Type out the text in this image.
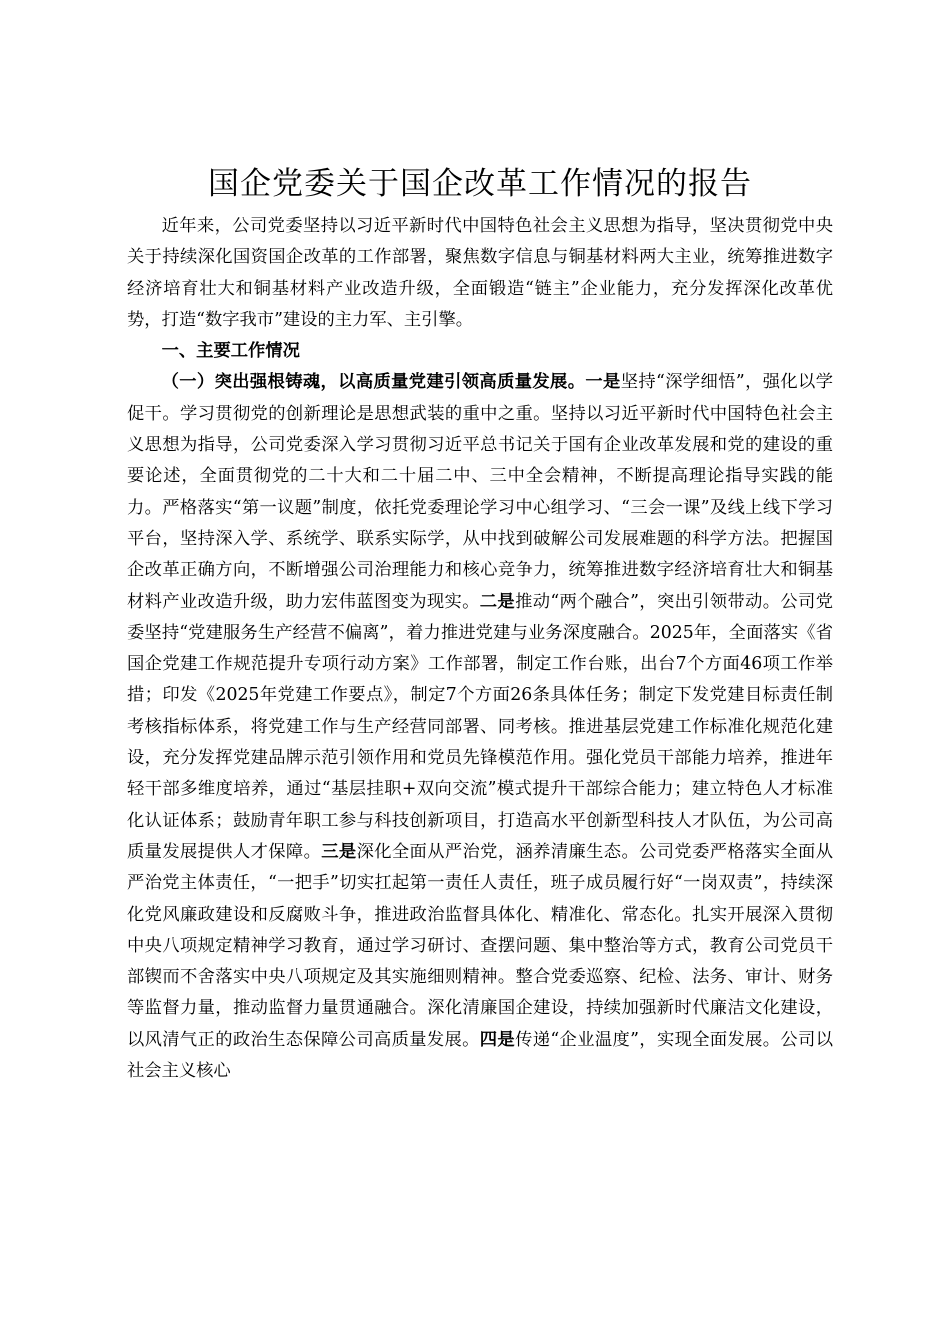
国企党委关于国企改革工作情况的报告

近年来，公司党委坚持以习近平新时代中国特色社会主义思想为指导，坚决贯彻党中央关于持续深化国资国企改革的工作部署，聚焦数字信息与铜基材料两大主业，统筹推进数字经济培育壮大和铜基材料产业改造升级，全面锻造“链主”企业能力，充分发挥深化改革优势，打造“数字我市”建设的主力军、主引擎。

一、主要工作情况

（一）突出强根铸魂，以高质量党建引领高质量发展。一是坚持“深学细悟”，强化以学促干。学习贯彻党的创新理论是思想武装的重中之重。坚持以习近平新时代中国特色社会主义思想为指导，公司党委深入学习贯彻习近平总书记关于国有企业改革发展和党的建设的重要论述，全面贯彻党的二十大和二十届二中、三中全会精神，不断提高理论指导实践的能力。严格落实“第一议题”制度，依托党委理论学习中心组学习、“三会一课”及线上线下学习平台，坚持深入学、系统学、联系实际学，从中找到破解公司发展难题的科学方法。把握国企改革正确方向，不断增强公司治理能力和核心竞争力，统筹推进数字经济培育壮大和铜基材料产业改造升级，助力宏伟蓝图变为现实。二是推动“两个融合”，突出引领带动。公司党委坚持“党建服务生产经营不偏离”，着力推进党建与业务深度融合。2025年，全面落实《省国企党建工作规范提升专项行动方案》工作部署，制定工作台账，出台7个方面46项工作举措；印发《2025年党建工作要点》，制定7个方面26条具体任务；制定下发党建目标责任制考核指标体系，将党建工作与生产经营同部署、同考核。推进基层党建工作标准化规范化建设，充分发挥党建品牌示范引领作用和党员先锋模范作用。强化党员干部能力培养，推进年轻干部多维度培养，通过“基层挂职+双向交流”模式提升干部综合能力；建立特色人才标准化认证体系；鼓励青年职工参与科技创新项目，打造高水平创新型科技人才队伍，为公司高质量发展提供人才保障。三是深化全面从严治党，涵养清廉生态。公司党委严格落实全面从严治党主体责任，“一把手”切实扛起第一责任人责任，班子成员履行好“一岗双责”，持续深化党风廉政建设和反腐败斗争，推进政治监督具体化、精准化、常态化。扎实开展深入贯彻中央八项规定精神学习教育，通过学习研讨、查摆问题、集中整治等方式，教育公司党员干部锲而不舍落实中央八项规定及其实施细则精神。整合党委巡察、纪检、法务、审计、财务等监督力量，推动监督力量贯通融合。深化清廉国企建设，持续加强新时代廉洁文化建设，以风清气正的政治生态保障公司高质量发展。四是传递“企业温度”，实现全面发展。公司以社会主义核心
